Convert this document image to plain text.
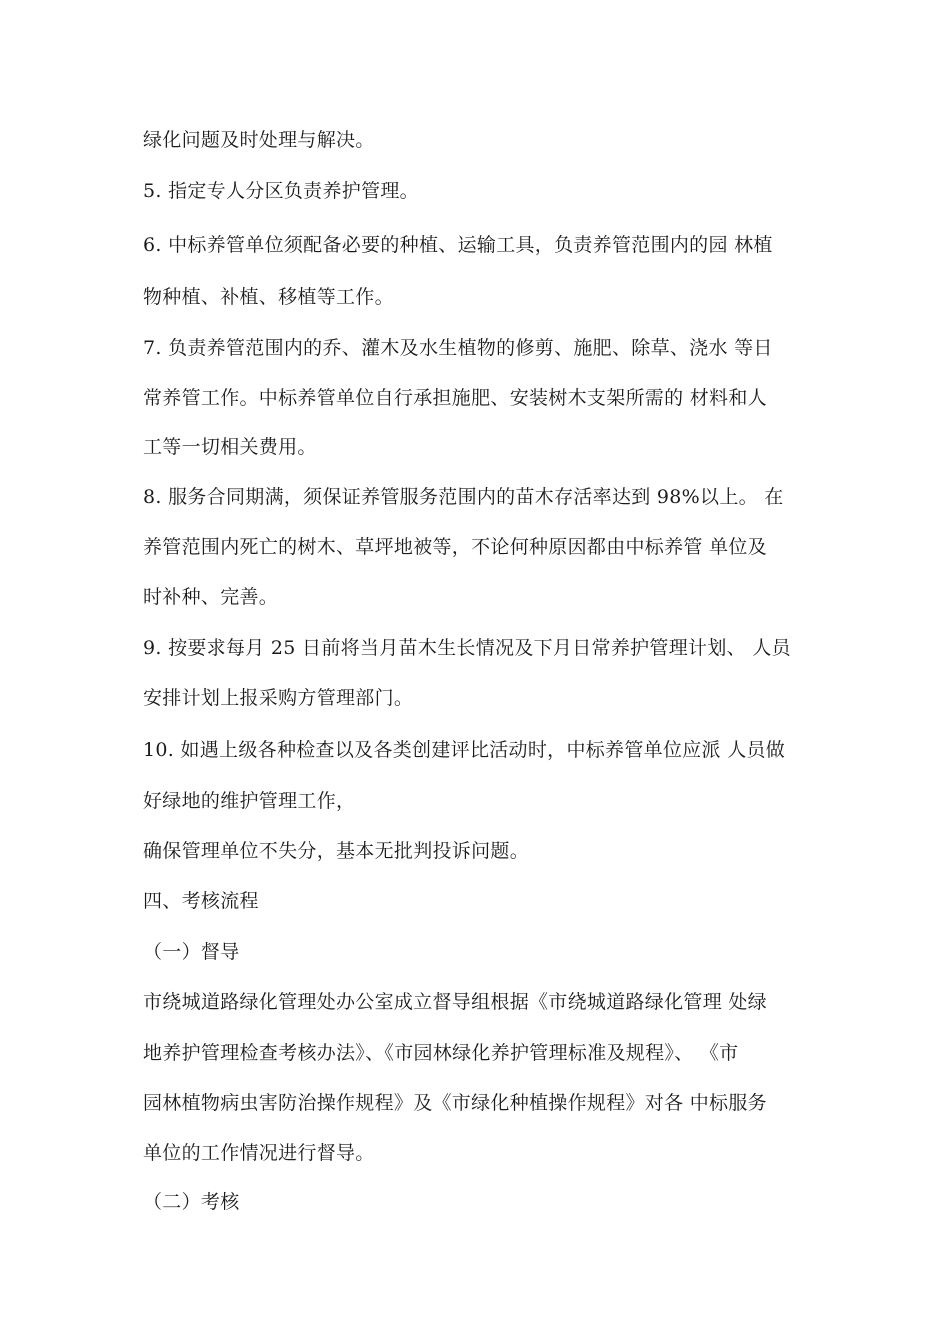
绿化问题及时处理与解决。
5. 指定专人分区负责养护管理。
6. 中标养管单位须配备必要的种植、运输工具，负责养管范围内的园 林植
物种植、补植、移植等工作。
7. 负责养管范围内的乔、灌木及水生植物的修剪、施肥、除草、浇水 等日
常养管工作。中标养管单位自行承担施肥、安装树木支架所需的 材料和人
工等一切相关费用。
8. 服务合同期满，须保证养管服务范围内的苗木存活率达到 98%以上。 在
养管范围内死亡的树木、草坪地被等，不论何种原因都由中标养管 单位及
时补种、完善。
9. 按要求每月 25 日前将当月苗木生长情况及下月日常养护管理计划、 人员
安排计划上报采购方管理部门。
10. 如遇上级各种检查以及各类创建评比活动时，中标养管单位应派 人员做
好绿地的维护管理工作，
确保管理单位不失分，基本无批判投诉问题。
四、考核流程
（一）督导
市绕城道路绿化管理处办公室成立督导组根据《市绕城道路绿化管理 处绿
地养护管理检查考核办法》、《市园林绿化养护管理标准及规程》、 《市
园林植物病虫害防治操作规程》及《市绿化种植操作规程》对各 中标服务
单位的工作情况进行督导。
（二）考核
